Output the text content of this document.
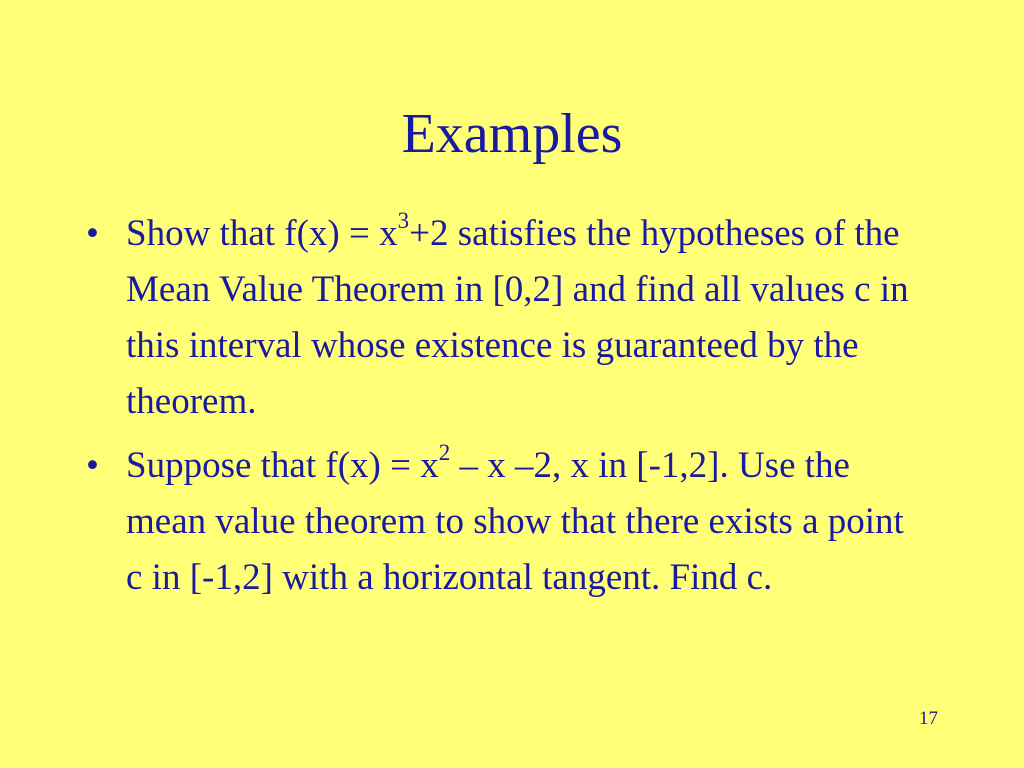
Examples
• Show that $f(x) = x^3+2$ satisfies the hypotheses of the Mean Value Theorem in [0,2] and find all values c in this interval whose existence is guaranteed by the theorem.
• Suppose that $f(x) = x^2 - x$ –2, x in [-1,2]. Use the mean value theorem to show that there exists a point c in [-1,2] with a horizontal tangent. Find c.
17
